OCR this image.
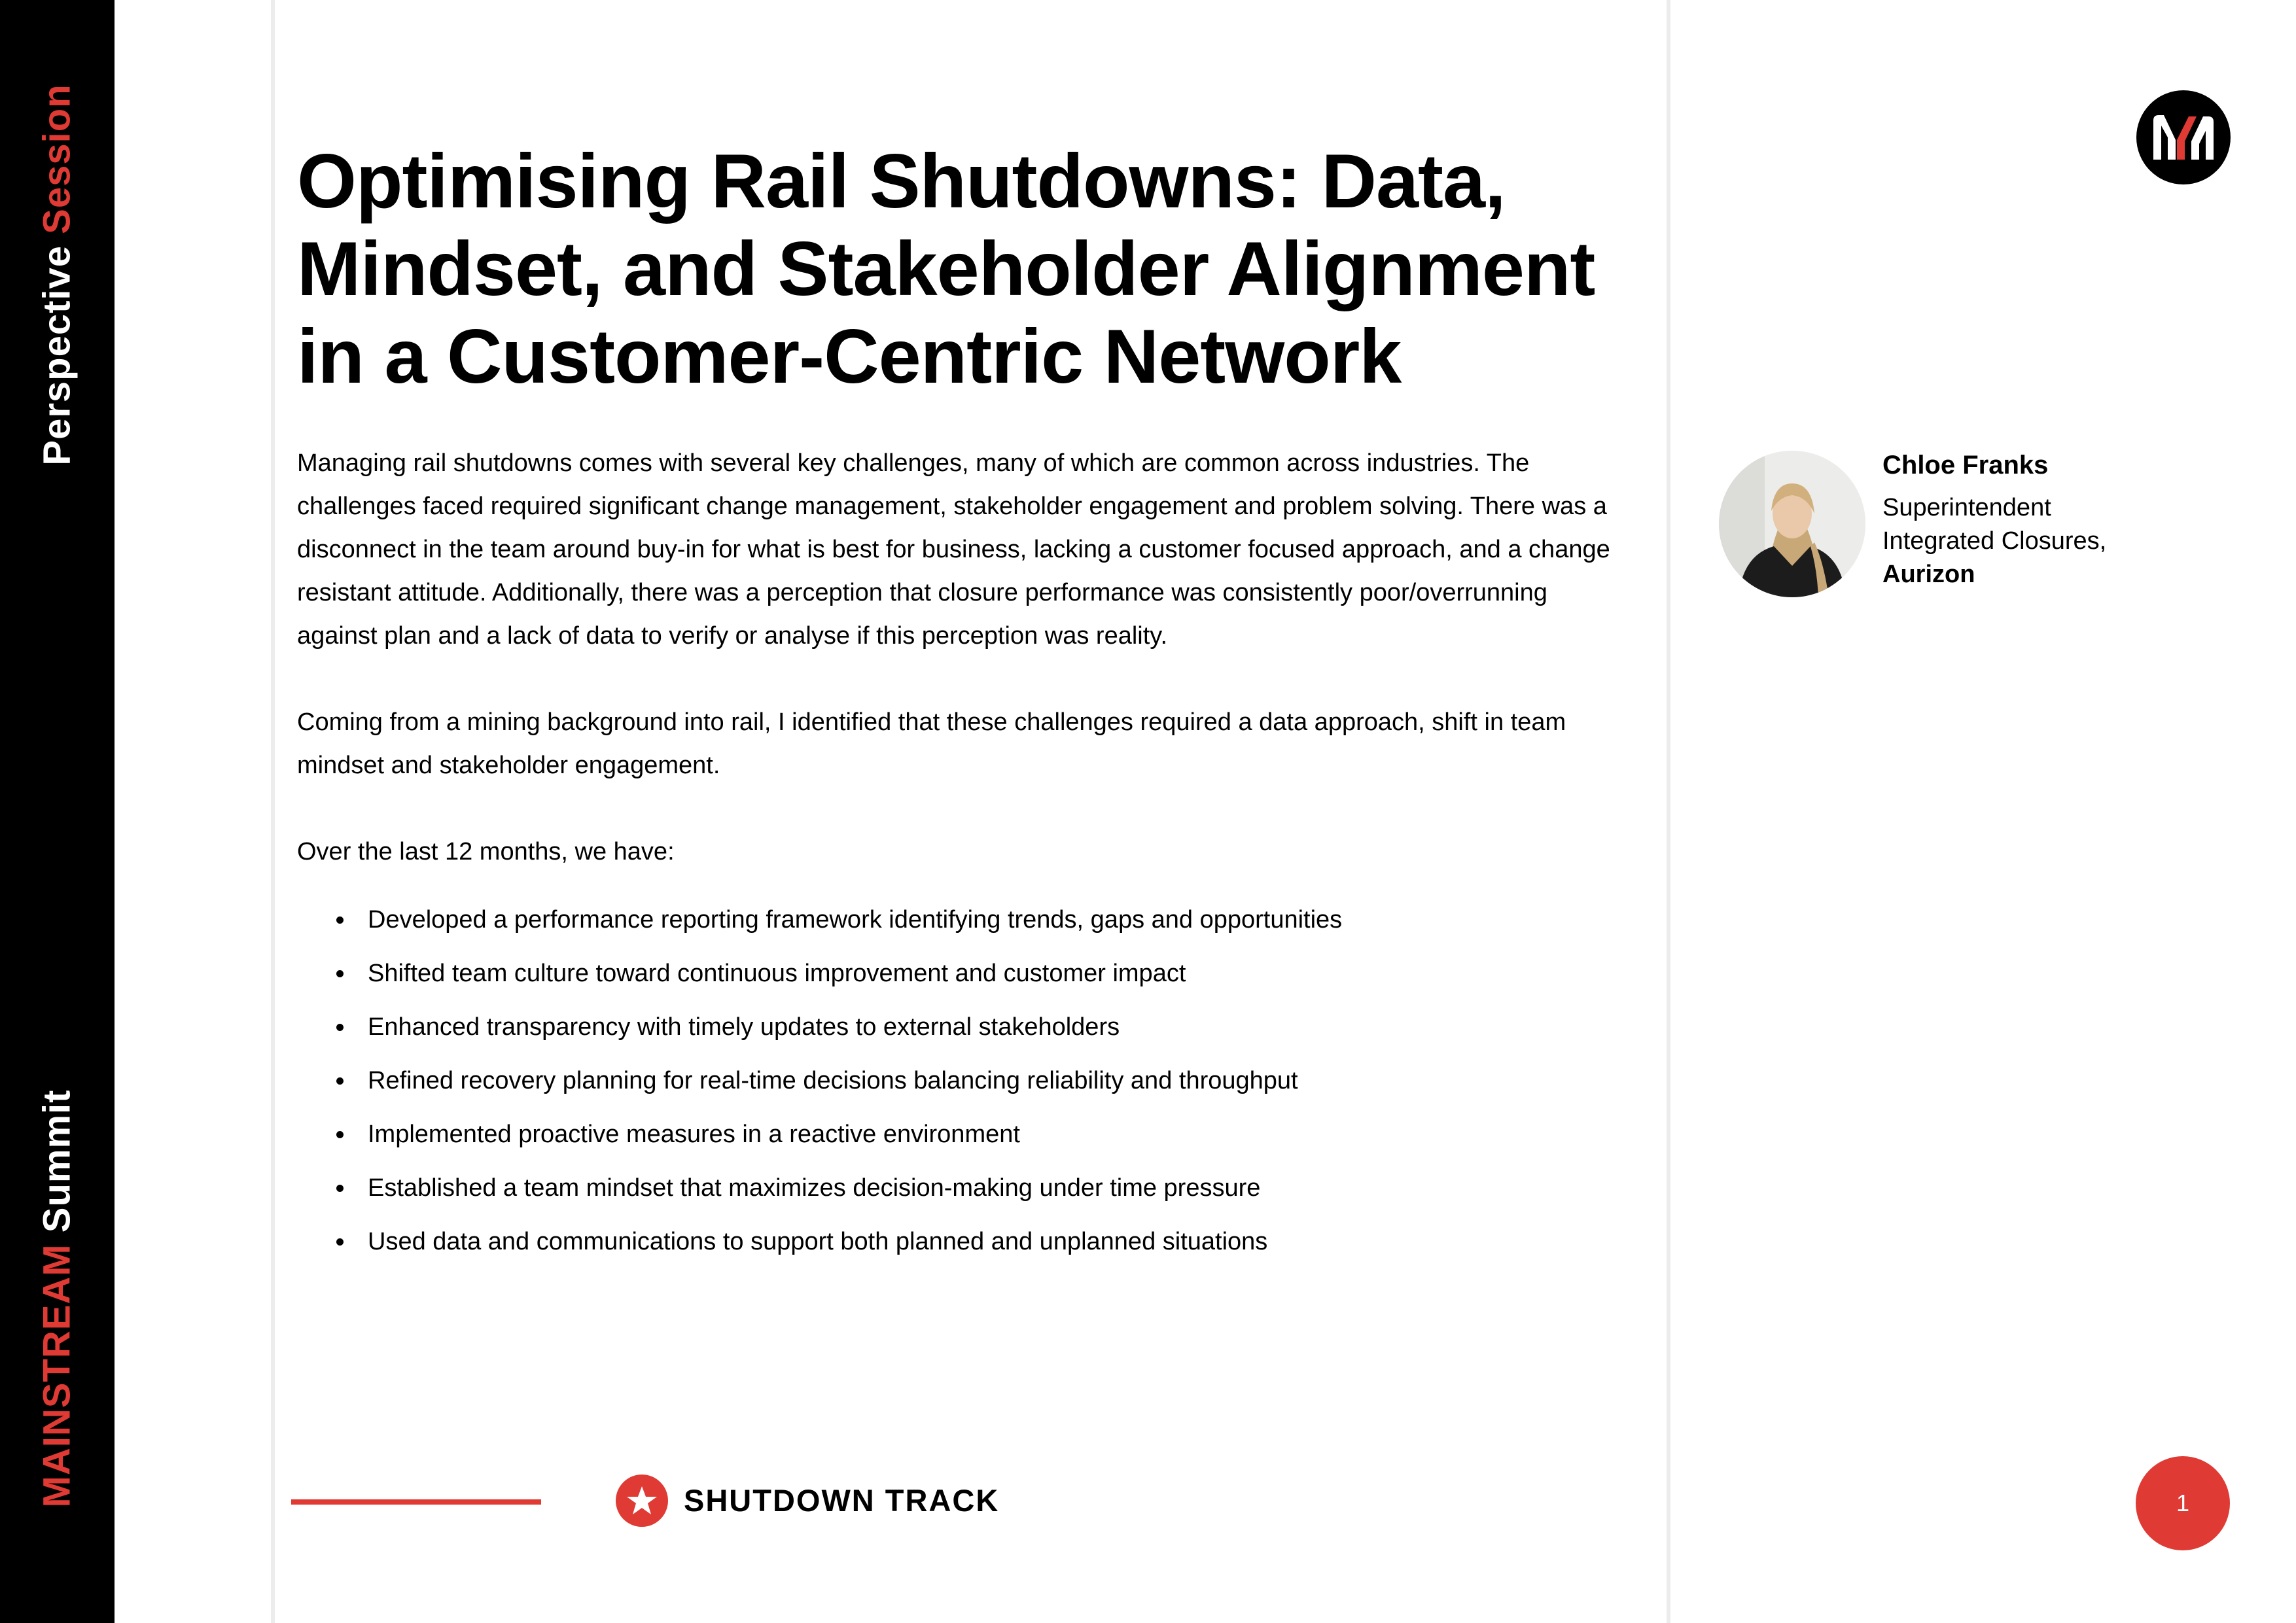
Perspective Session
MAINSTREAM Summit
Optimising Rail Shutdowns: Data, Mindset, and Stakeholder Alignment in a Customer-Centric Network

Managing rail shutdowns comes with several key challenges, many of which are common across industries. The challenges faced required significant change management, stakeholder engagement and problem solving. There was a disconnect in the team around buy-in for what is best for business, lacking a customer focused approach, and a change resistant attitude. Additionally, there was a perception that closure performance was consistently poor/overrunning against plan and a lack of data to verify or analyse if this perception was reality.

Coming from a mining background into rail, I identified that these challenges required a data approach, shift in team mindset and stakeholder engagement.

Over the last 12 months, we have:

Developed a performance reporting framework identifying trends, gaps and opportunities
Shifted team culture toward continuous improvement and customer impact
Enhanced transparency with timely updates to external stakeholders
Refined recovery planning for real-time decisions balancing reliability and throughput
Implemented proactive measures in a reactive environment
Established a team mindset that maximizes decision-making under time pressure
Used data and communications to support both planned and unplanned situations
Chloe Franks
Superintendent
Integrated Closures,
Aurizon
SHUTDOWN TRACK	1
